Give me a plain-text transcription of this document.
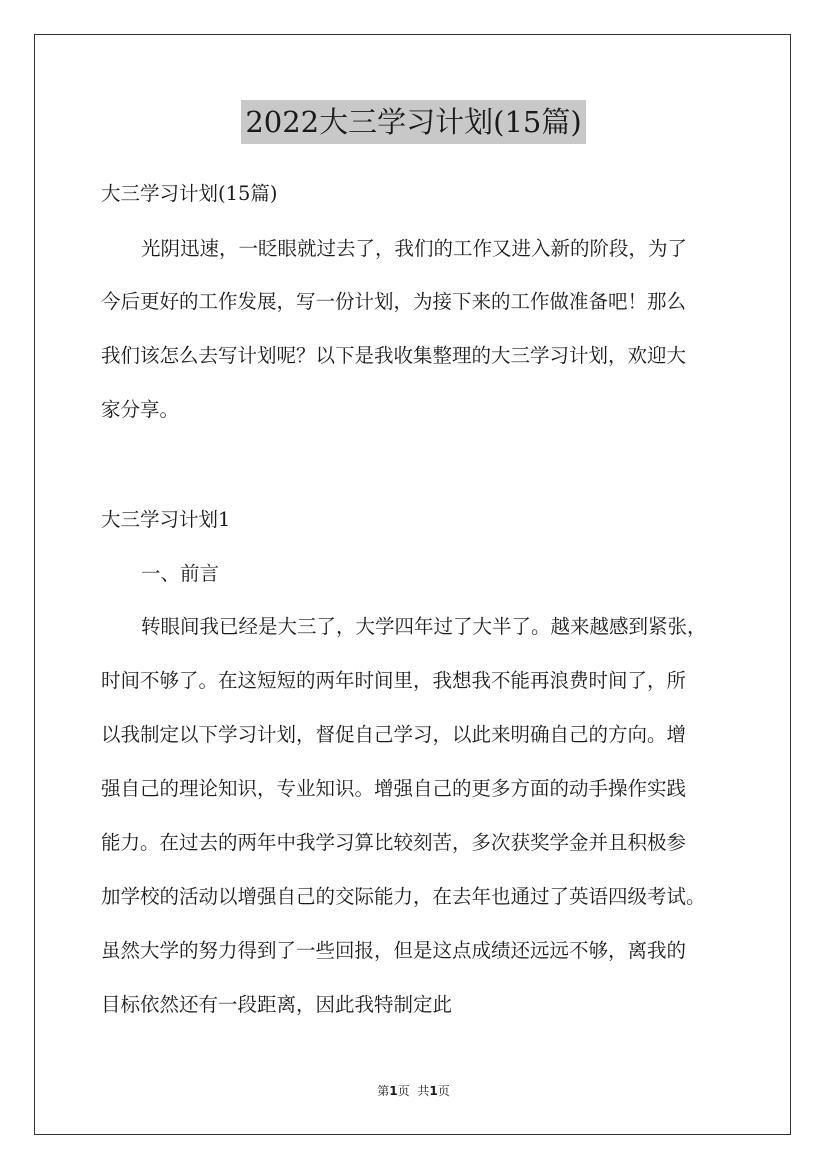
2022大三学习计划(15篇)
大三学习计划(15篇)
光阴迅速，一眨眼就过去了，我们的工作又进入新的阶段，为了
今后更好的工作发展，写一份计划，为接下来的工作做准备吧！那么
我们该怎么去写计划呢？以下是我收集整理的大三学习计划，欢迎大
家分享。
大三学习计划1
一、前言
转眼间我已经是大三了，大学四年过了大半了。越来越感到紧张，
时间不够了。在这短短的两年时间里，我想我不能再浪费时间了，所
以我制定以下学习计划，督促自己学习，以此来明确自己的方向。增
强自己的理论知识，专业知识。增强自己的更多方面的动手操作实践
能力。在过去的两年中我学习算比较刻苦，多次获奖学金并且积极参
加学校的活动以增强自己的交际能力，在去年也通过了英语四级考试。
虽然大学的努力得到了一些回报，但是这点成绩还远远不够，离我的
目标依然还有一段距离，因此我特制定此
第1页 共1页
